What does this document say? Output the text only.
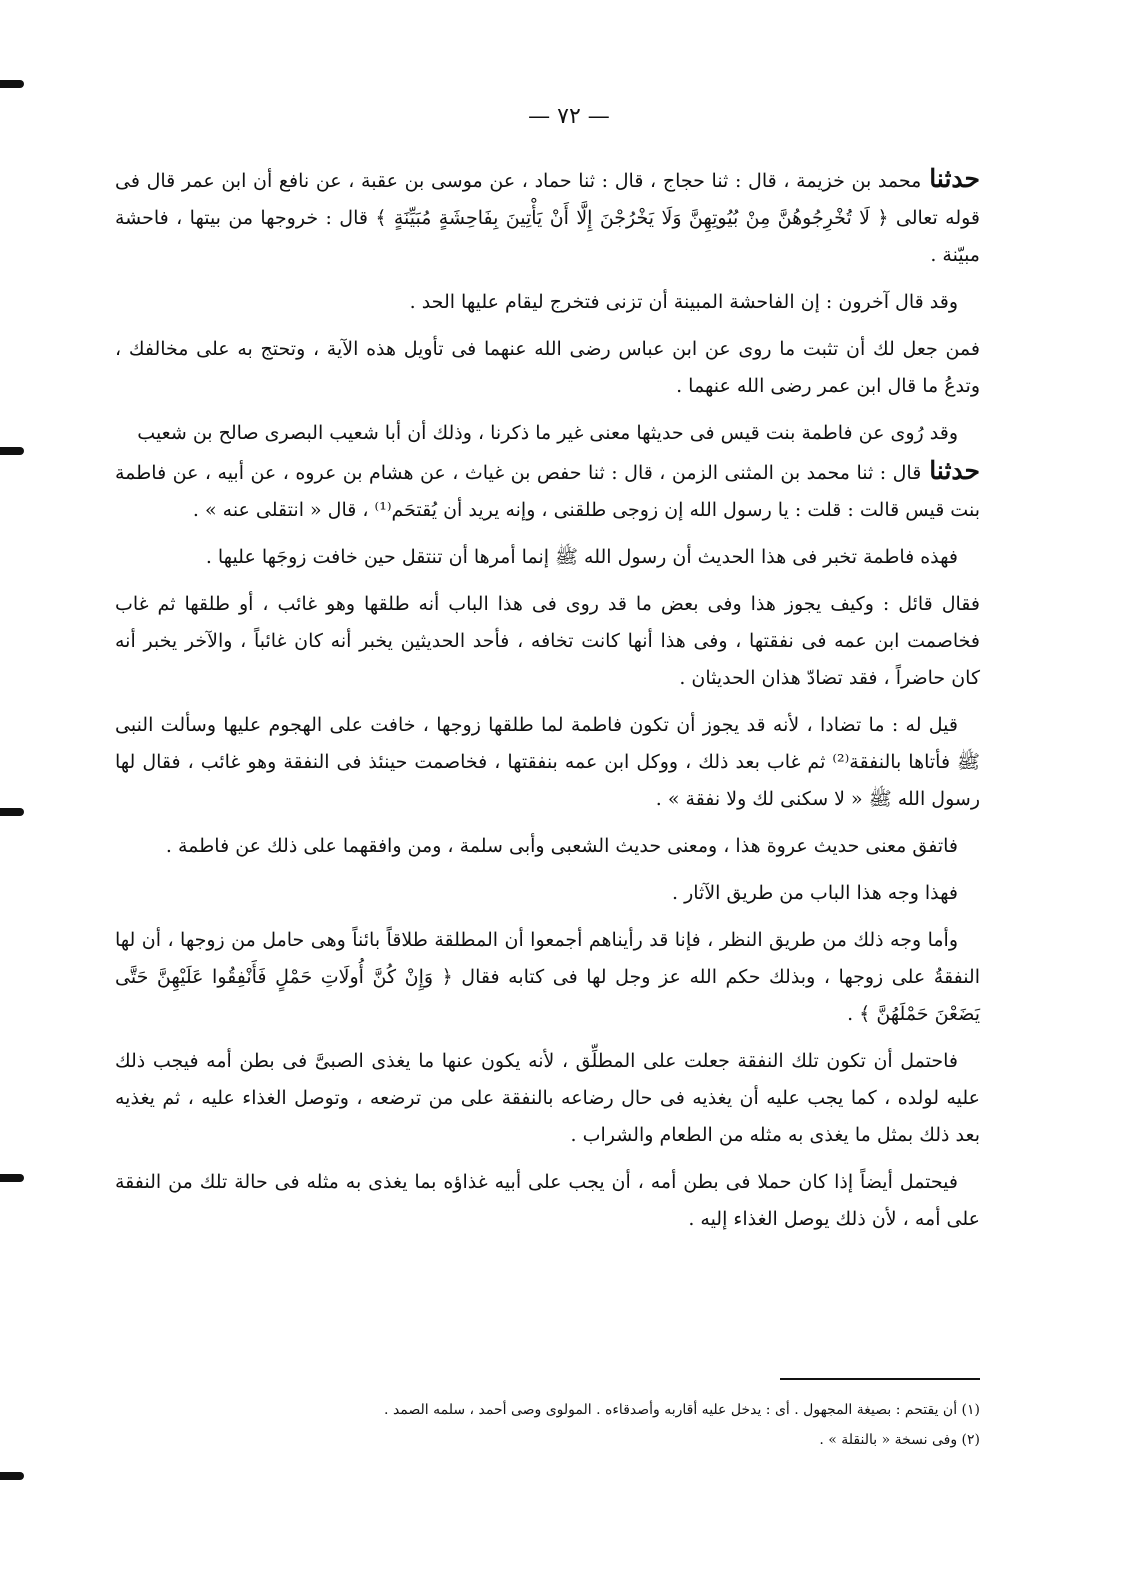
— ٧٢ —

حدثنامحمد بن خزيمة ، قال : ثنا حجاج ، قال : ثنا حماد ، عن موسى بن عقبة ، عن نافع أن ابن عمر قال فى قوله تعالى ﴿ لَا تُخْرِجُوهُنَّ مِنْ بُيُوتِهِنَّ وَلَا يَخْرُجْنَ إِلَّا أَنْ يَأْتِينَ بِفَاحِشَةٍ مُبَيِّنَةٍ ﴾ قال : خروجها من بيتها ، فاحشة مبيّنة .

وقد قال آخرون : إن الفاحشة المبينة أن تزنى فتخرج ليقام عليها الحد .

فمن جعل لك أن تثبت ما روى عن ابن عباس رضى الله عنهما فى تأويل هذه الآية ، وتحتج به على مخالفك ، وتدعُ ما قال ابن عمر رضى الله عنهما .

وقد رُوى عن فاطمة بنت قيس فى حديثها معنى غير ما ذكرنا ، وذلك أن أبا شعيب البصرى صالح بن شعيب

حدثناقال : ثنا محمد بن المثنى الزمن ، قال : ثنا حفص بن غياث ، عن هشام بن عروه ، عن أبيه ، عن فاطمة بنت قيس قالت : قلت : يا رسول الله إن زوجى طلقنى ، وإنه يريد أن يُقتحَم⁽¹⁾ ، قال « انتقلى عنه » .

فهذه فاطمة تخبر فى هذا الحديث أن رسول الله ﷺ إنما أمرها أن تنتقل حين خافت زوجَها عليها .

فقال قائل : وكيف يجوز هذا وفى بعض ما قد روى فى هذا الباب أنه طلقها وهو غائب ، أو طلقها ثم غاب فخاصمت ابن عمه فى نفقتها ، وفى هذا أنها كانت تخافه ، فأحد الحديثين يخبر أنه كان غائباً ، والآخر يخبر أنه كان حاضراً ، فقد تضادّ هذان الحديثان .

قيل له : ما تضادا ، لأنه قد يجوز أن تكون فاطمة لما طلقها زوجها ، خافت على الهجوم عليها وسألت النبى ﷺ فأتاها بالنفقة⁽²⁾ ثم غاب بعد ذلك ، ووكل ابن عمه بنفقتها ، فخاصمت حينئذ فى النفقة وهو غائب ، فقال لها رسول الله ﷺ « لا سكنى لك ولا نفقة » .

فاتفق معنى حديث عروة هذا ، ومعنى حديث الشعبى وأبى سلمة ، ومن وافقهما على ذلك عن فاطمة .

فهذا وجه هذا الباب من طريق الآثار .

وأما وجه ذلك من طريق النظر ، فإنا قد رأيناهم أجمعوا أن المطلقة طلاقاً بائناً وهى حامل من زوجها ، أن لها النفقةُ على زوجها ، وبذلك حكم الله عز وجل لها فى كتابه فقال ﴿ وَإِنْ كُنَّ أُولَاتِ حَمْلٍ فَأَنْفِقُوا عَلَيْهِنَّ حَتَّى يَضَعْنَ حَمْلَهُنَّ ﴾ .

فاحتمل أن تكون تلك النفقة جعلت على المطلِّق ، لأنه يكون عنها ما يغذى الصبىَّ فى بطن أمه فيجب ذلك عليه لولده ، كما يجب عليه أن يغذيه فى حال رضاعه بالنفقة على من ترضعه ، وتوصل الغذاء عليه ، ثم يغذيه بعد ذلك بمثل ما يغذى به مثله من الطعام والشراب .

فيحتمل أيضاً إذا كان حملا فى بطن أمه ، أن يجب على أبيه غذاؤه بما يغذى به مثله فى حالة تلك من النفقة على أمه ، لأن ذلك يوصل الغذاء إليه .

(١) أن يقتحم : بصيغة المجهول . أى : يدخل عليه أقاربه وأصدقاءه . المولوى وصى أحمد ، سلمه الصمد .

(٢) وفى نسخة « بالنقلة » .
